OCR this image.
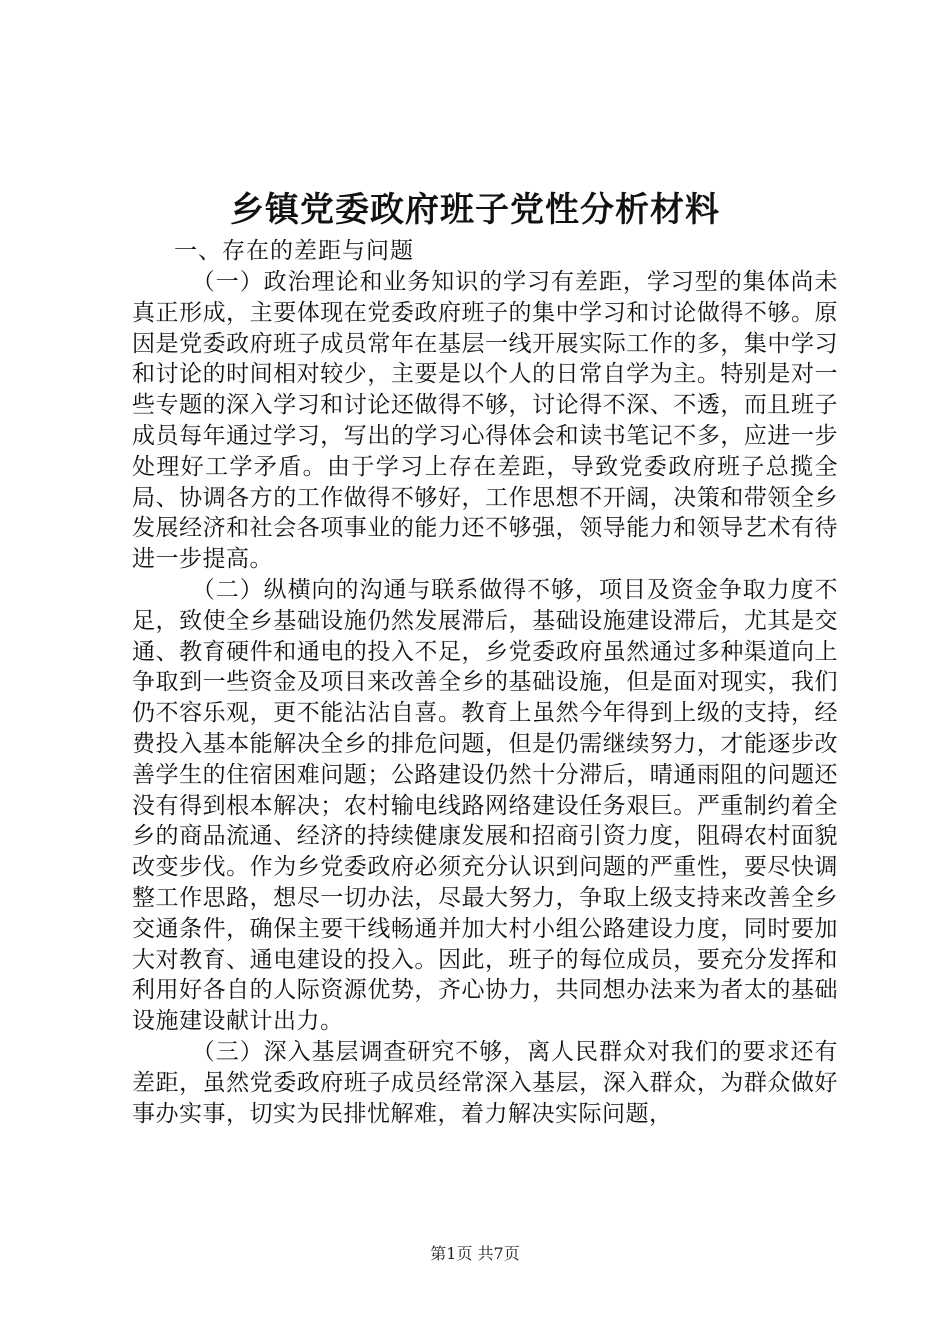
乡镇党委政府班子党性分析材料

一、存在的差距与问题

（一）政治理论和业务知识的学习有差距，学习型的集体尚未真正形成，主要体现在党委政府班子的集中学习和讨论做得不够。原因是党委政府班子成员常年在基层一线开展实际工作的多，集中学习和讨论的时间相对较少，主要是以个人的日常自学为主。特别是对一些专题的深入学习和讨论还做得不够，讨论得不深、不透，而且班子成员每年通过学习，写出的学习心得体会和读书笔记不多，应进一步处理好工学矛盾。由于学习上存在差距，导致党委政府班子总揽全局、协调各方的工作做得不够好，工作思想不开阔，决策和带领全乡发展经济和社会各项事业的能力还不够强，领导能力和领导艺术有待进一步提高。

（二）纵横向的沟通与联系做得不够，项目及资金争取力度不足，致使全乡基础设施仍然发展滞后，基础设施建设滞后，尤其是交通、教育硬件和通电的投入不足，乡党委政府虽然通过多种渠道向上争取到一些资金及项目来改善全乡的基础设施，但是面对现实，我们仍不容乐观，更不能沾沾自喜。教育上虽然今年得到上级的支持，经费投入基本能解决全乡的排危问题，但是仍需继续努力，才能逐步改善学生的住宿困难问题；公路建设仍然十分滞后，晴通雨阻的问题还没有得到根本解决；农村输电线路网络建设任务艰巨。严重制约着全乡的商品流通、经济的持续健康发展和招商引资力度，阻碍农村面貌改变步伐。作为乡党委政府必须充分认识到问题的严重性，要尽快调整工作思路，想尽一切办法，尽最大努力，争取上级支持来改善全乡交通条件，确保主要干线畅通并加大村小组公路建设力度，同时要加大对教育、通电建设的投入。因此，班子的每位成员，要充分发挥和利用好各自的人际资源优势，齐心协力，共同想办法来为者太的基础设施建设献计出力。

（三）深入基层调查研究不够，离人民群众对我们的要求还有差距，虽然党委政府班子成员经常深入基层，深入群众，为群众做好事办实事，切实为民排忧解难，着力解决实际问题，

第1页 共7页
